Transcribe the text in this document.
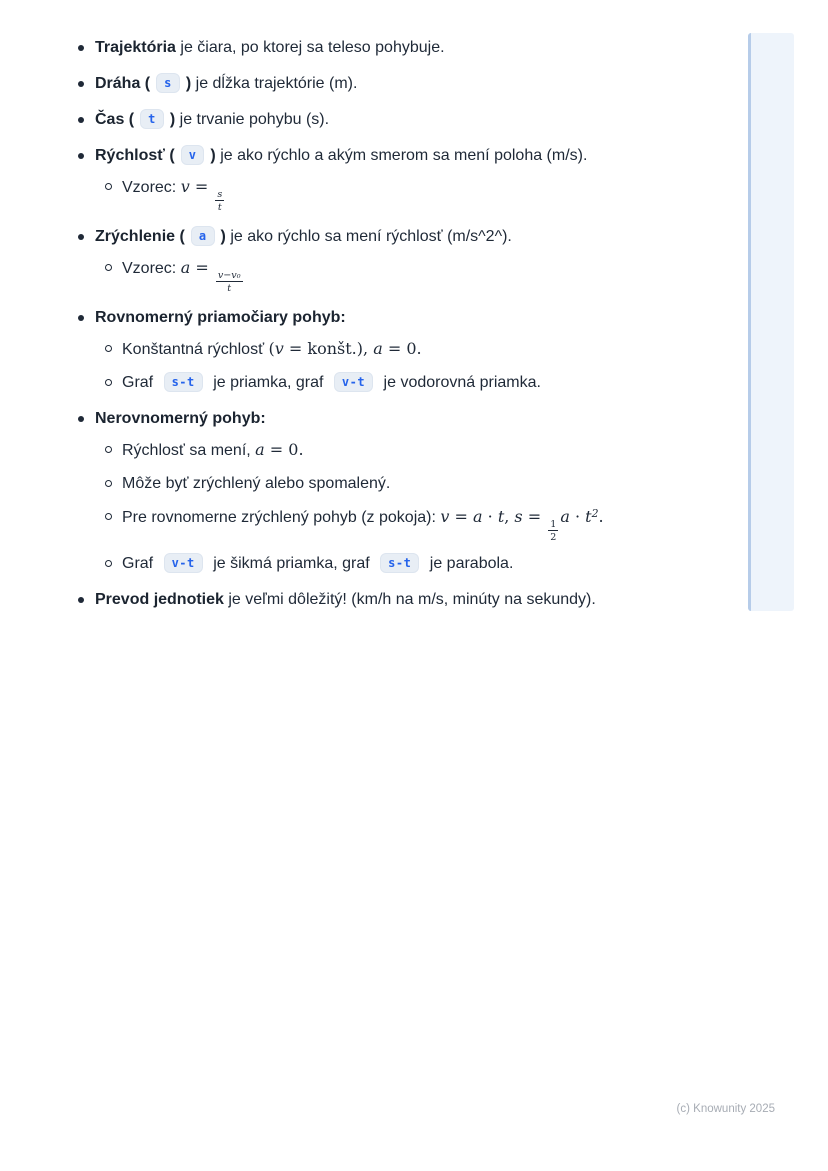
Trajektória je čiara, po ktorej sa teleso pohybuje.
Dráha ( s ) je dĺžka trajektórie (m).
Čas ( t ) je trvanie pohybu (s).
Rýchlosť ( v ) je ako rýchlo a akým smerom sa mení poloha (m/s).
Vzorec: v =
$\frac{s}{t}$
Zrýchlenie ( a ) je ako rýchlo sa mení rýchlosť (m/s^2^).
Vzorec: a =
$\frac{\text{v−v₀}}{t}$
Rovnomerný priamočiary pohyb:
Konštantná rýchlosť (v = konšt.), a = 0.
Graf s-t je priamka, graf v-t je vodorovná priamka.
Nerovnomerný pohyb:
Rýchlosť sa mení, a = 0.
Môže byť zrýchlený alebo spomalený.
Pre rovnomerne zrýchlený pohyb (z pokoja): v = a · t, s =
$\frac{1}{2}$
$a \cdot t^2$.
Graf v-t je šikmá priamka, graf s-t je parabola.
Prevod jednotiek je veľmi dôležitý! (km/h na m/s, minúty na sekundy).
(c) Knowunity 2025
